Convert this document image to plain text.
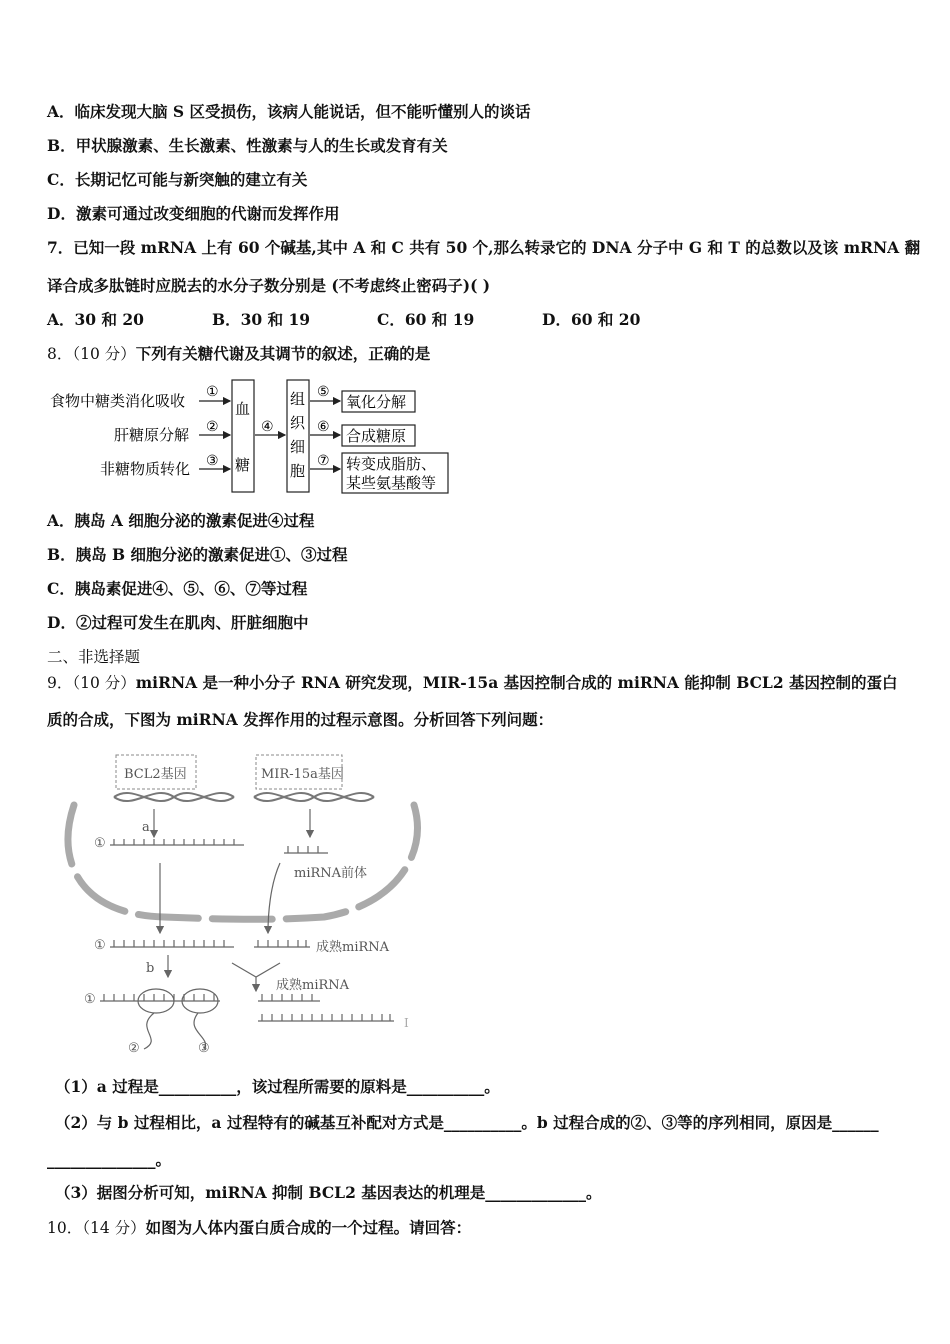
A．临床发现大脑 S 区受损伤，该病人能说话，但不能听懂别人的谈话
B．甲状腺激素、生长激素、性激素与人的生长或发育有关
C．长期记忆可能与新突触的建立有关
D．激素可通过改变细胞的代谢而发挥作用
7．已知一段 mRNA 上有 60 个碱基,其中 A 和 C 共有 50 个,那么转录它的 DNA 分子中 G 和 T 的总数以及该 mRNA 翻
译合成多肽链时应脱去的水分子数分别是 (不考虑终止密码子)( )
A．30 和 20	B．30 和 19	C．60 和 19	D．60 和 20
8．（10 分）下列有关糖代谢及其调节的叙述，正确的是
食物中糖类消化吸收
肝糖原分解
非糖物质转化
①
②
③
血
糖
④
组
织
细
胞
⑤
⑥
⑦
氧化分解
合成糖原
转变成脂肪、
某些氨基酸等
A．胰岛 A 细胞分泌的激素促进④过程
B．胰岛 B 细胞分泌的激素促进①、③过程
C．胰岛素促进④、⑤、⑥、⑦等过程
D．②过程可发生在肌肉、肝脏细胞中
二、非选择题
9．（10 分）miRNA 是一种小分子 RNA 研究发现，MIR-15a 基因控制合成的 miRNA 能抑制 BCL2 基因控制的蛋白
质的合成，下图为 miRNA 发挥作用的过程示意图。分析回答下列问题：
BCL2基因	MIR-15a基因
a
①
miRNA前体
①	成熟miRNA
b
成熟miRNA
①
②	③
I
（1）a 过程是__________，该过程所需要的原料是__________。
（2）与 b 过程相比，a 过程特有的碱基互补配对方式是__________。b 过程合成的②、③等的序列相同，原因是______
______________。
（3）据图分析可知，miRNA 抑制 BCL2 基因表达的机理是_____________。
10．（14 分）如图为人体内蛋白质合成的一个过程。请回答：
